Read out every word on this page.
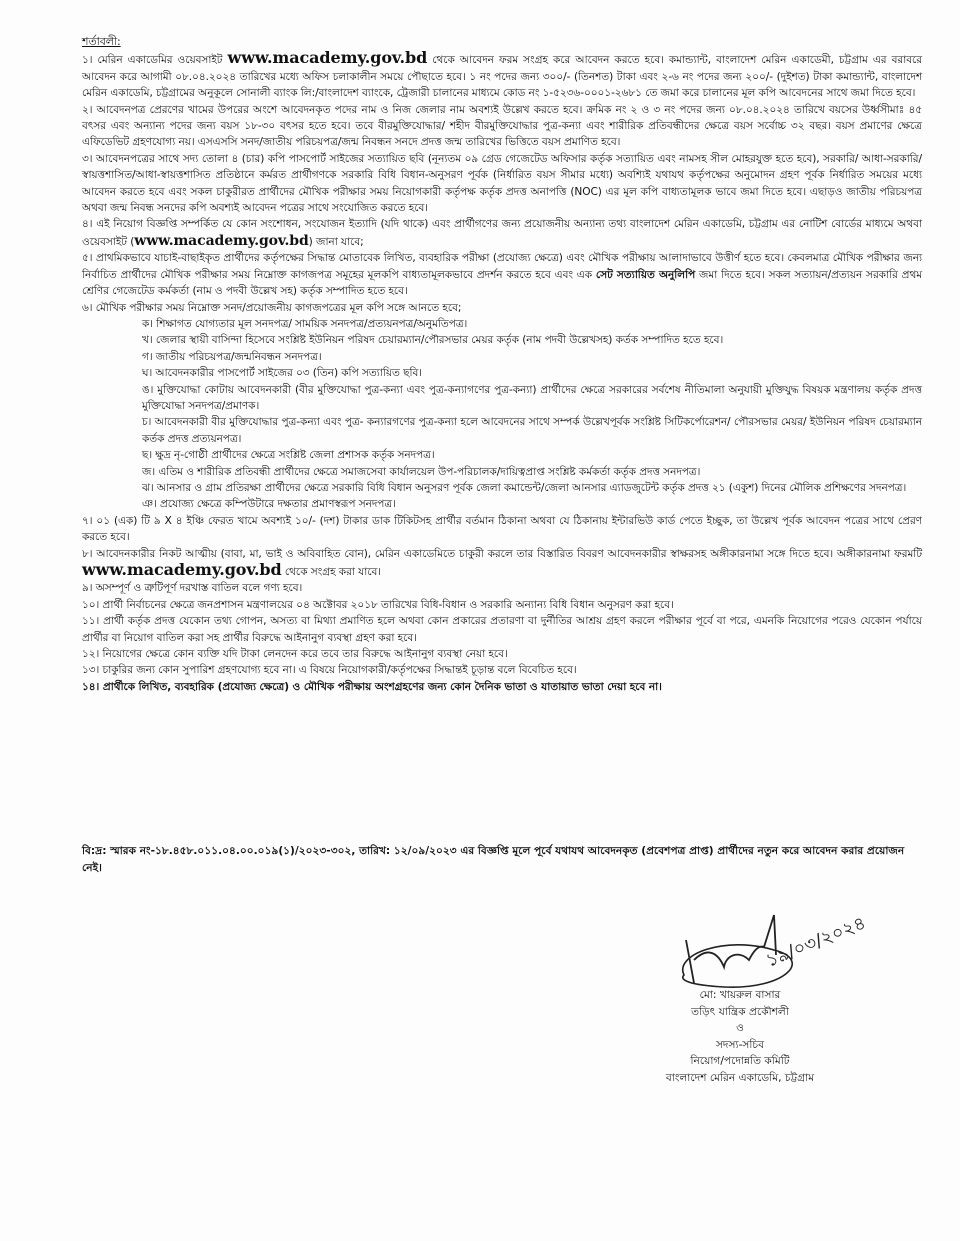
শর্তাবলী:

১। মেরিন একাডেমির ওয়েবসাইট www.macademy.gov.bd থেকে আবেদন ফরম সংগ্রহ করে আবেদন করতে হবে। কমান্ড্যান্ট, বাংলাদেশ মেরিন একাডেমী, চট্টগ্রাম এর বরাবরে আবেদন করে আগামী ০৮.০৪.২০২৪ তারিখের মধ্যে অফিস চলাকালীন সময়ে পৌছাতে হবে। ১ নং পদের জন্য ৩০০/- (তিনশত) টাকা এবং ২-৬ নং পদের জন্য ২০০/- (দুইশত) টাকা কমান্ড্যান্ট, বাংলাদেশ মেরিন একাডেমি, চট্টগ্রামের অনুকূলে সোনালী ব্যাংক লি:/বাংলাদেশ ব্যাংকে, ট্রেজারী চালানের মাধ্যমে কোড নং ১-৫২৩৬-০০০১-২৬৮১ তে জমা করে চালানের মূল কপি আবেদনের সাথে জমা দিতে হবে।

২। আবেদনপত্র প্রেরণের খামের উপরের অংশে আবেদনকৃত পদের নাম ও নিজ জেলার নাম অবশ্যই উল্লেখ করতে হবে। ক্রমিক নং ২ ও ৩ নং পদের জন্য ০৮.০৪.২০২৪ তারিখে বয়সের উর্ধ্বসীমাঃ ৪৫ বৎসর এবং অন্যান্য পদের জন্য বয়স ১৮-৩০ বৎসর হতে হবে। তবে বীরমুক্তিযোদ্ধার/ শহীদ বীরমুক্তিযোদ্ধার পুত্র-কন্যা এবং শারীরিক প্রতিবন্ধীদের ক্ষেত্রে বয়স সর্বোচ্চ ৩২ বছর। বয়স প্রমাণের ক্ষেত্রে এফিডেভিট গ্রহণযোগ্য নয়। এসএসসি সনদ/জাতীয় পরিচয়পত্র/জন্ম নিবন্ধন সনদে প্রদত্ত জন্ম তারিখের ভিত্তিতে বয়স প্রমাণিত হবে।

৩। আবেদনপত্রের সাথে সদ্য তোলা ৪ (চার) কপি পাসপোর্ট সাইজের সত্যায়িত ছবি (নূন্যতম ০৯ গ্রেড গেজেটেড অফিসার কর্তৃক সত্যায়িত এবং নামসহ সীল মোহরযুক্ত হতে হবে), সরকারি/ আধা-সরকারি/স্বায়ত্তশাসিত/আধা-স্বায়ত্তশাসিত প্রতিষ্ঠানে কর্মরত প্রার্থীগণকে সরকারি বিধি বিধান-অনুসরণ পূর্বক (নির্ধারিত বয়স সীমার মধ্যে) অবশ্যিই যথাযথ কর্তৃপক্ষের অনুমোদন গ্রহণ পূর্বক নির্ধারিত সময়ের মধ্যে আবেদন করতে হবে এবং সকল চাকুরীরত প্রার্থীদের মৌখিক পরীক্ষার সময় নিয়োগকারী কর্তৃপক্ষ কর্তৃক প্রদত্ত অনাপত্তি (NOC) এর মূল কপি বাধ্যতামূলক ভাবে জমা দিতে হবে। এছাড়ও জাতীয় পরিচয়পত্র অথবা জন্ম নিবন্ধ সনদের কপি অবশ্যই আবেদন পত্রের সাথে সংযোজিত করতে হবে।

৪। এই নিয়োগ বিজ্ঞপ্তি সম্পর্কিত যে কোন সংশোধন, সংযোজন ইত্যাদি (যদি থাকে) এবং প্রার্থীগণের জন্য প্রয়োজনীয় অন্যান্য তথ্য বাংলাদেশ মেরিন একাডেমি, চট্টগ্রাম এর নোটিশ বোর্ডের মাধ্যমে অথবা ওয়েবসাইট (www.macademy.gov.bd) জানা যাবে;

৫। প্রাথমিকভাবে যাচাই-বাছাইকৃত প্রার্থীদের কর্তৃপক্ষের সিদ্ধান্ত মোতাবেক লিখিত, ব্যবহারিক পরীক্ষা (প্রযোজ্য ক্ষেত্রে) এবং মৌখিক পরীক্ষায় আলাদাভাবে উত্তীর্ণ হতে হবে। কেবলমাত্র মৌখিক পরীক্ষার জন্য নির্বাচিত প্রার্থীদের মৌখিক পরীক্ষার সময় নিম্নোক্ত কাগজপত্র সমূহের মূলকপি বাধ্যতামূলকভাবে প্রদর্শন করতে হবে এবং এক সেট সত্যায়িত অনুলিপি জমা দিতে হবে। সকল সত্যায়ন/প্রত্যয়ন সরকারি প্রথম শ্রেণির গেজেটেড কর্মকর্তা (নাম ও পদবী উল্লেখ সহ) কর্তৃক সম্পাদিত হতে হবে।

৬। মৌখিক পরীক্ষার সময় নিম্নোক্ত সনদ/প্রয়োজনীয় কাগজপত্রের মূল কপি সঙ্গে আনতে হবে;

ক। শিক্ষাগত যোগ্যতার মূল সনদপত্র/ সাময়িক সনদপত্র/প্রত্যয়নপত্র/অনুমতিপত্র।

খ। জেলার স্থায়ী বাসিন্দা হিসেবে সংশ্লিষ্ট ইউনিয়ন পরিষদ চেয়ারম্যান/পৌরসভার মেয়র কর্তৃক (নাম পদবী উল্লেখসহ) কর্তক সম্পাদিত হতে হবে।

গ। জাতীয় পরিচয়পত্র/জন্মনিবন্ধন সনদপত্র।

ঘ। আবেদনকারীর পাসপোর্ট সাইজের ০৩ (তিন) কপি সত্যায়িত ছবি।

ঙ। মুক্তিযোদ্ধা কোটায় আবেদনকারী (বীর মুক্তিযোদ্ধা পুত্র-কন্যা এবং পুত্র-কন্যাগণের পুত্র-কন্যা) প্রার্থীদের ক্ষেত্রে সরকারের সর্বশেষ নীতিমালা অনুযায়ী মুক্তিযুদ্ধ বিষয়ক মন্ত্রণালয় কর্তৃক প্রদত্ত মুক্তিযোদ্ধা সনদপত্র/প্রমাণক।

চ। আবেদনকারী বীর মুক্তিযোদ্ধার পুত্র-কন্যা এবং পুত্র- কন্যারগণের পুত্র-কন্যা হলে আবেদনের সাথে সম্পর্ক উল্লেখপূর্বক সংশ্লিষ্ট সিটিকর্পোরেশন/ পৌরসভার মেয়র/ ইউনিয়ন পরিষদ চেয়ারম্যান কর্তক প্রদত্ত প্রত্যয়নপত্র।

ছ। ক্ষুদ্র নৃ-গোষ্ঠী প্রার্থীদের ক্ষেত্রে সংশ্লিষ্ট জেলা প্রশাসক কর্তৃক সনদপত্র।

জ। এতিম ও শারীরিক প্রতিবন্ধী প্রার্থীদের ক্ষেত্রে সমাজসেবা কার্যালয়েল উপ-পরিচালক/দায়িত্বপ্রাপ্ত সংশ্লিষ্ট কর্মকর্তা কর্তৃক প্রদত্ত সনদপত্র।

ঝ। আনসার ও গ্রাম প্রতিরক্ষা প্রার্থীদের ক্ষেত্রে সরকারি বিধি বিধান অনুসরণ পূর্বক জেলা কমান্ডেন্ট/জেলা আনসার এ্যাডজুটেন্ট কর্তৃক প্রদত্ত ২১ (একুশ) দিনের মৌলিক প্রশিক্ষণের সদনপত্র।

ঞ। প্রযোজ্য ক্ষেত্রে কম্পিউটারে দক্ষতার প্রমাণস্বরূপ সনদপত্র।

৭। ০১ (এক) টি ৯ X ৪ ইঞ্চি ফেরত খামে অবশ্যই ১০/- (দশ) টাকার ডাক টিকিটসহ প্রার্থীর বর্তমান ঠিকানা অথবা যে ঠিকানায় ইন্টারভিউ কার্ড পেতে ইচ্ছুক, তা উল্লেখ পূর্বক আবেদন পত্রের সাথে প্রেরণ করতে হবে।

৮। আবেদনকারীর নিকট আত্মীয় (বাবা, মা, ভাই ও অবিবাহিত বোন), মেরিন একাডেমিতে চাকুরী করলে তার বিস্তারিত বিবরণ আবেদনকারীর স্বাক্ষরসহ অঙ্গীকারনামা সঙ্গে দিতে হবে। অঙ্গীকারনামা ফরমটি www.macademy.gov.bd থেকে সংগ্রহ করা যাবে।

৯। অসম্পূর্ণ ও ত্রুটিপূর্ণ দরখাস্ত বাতিল বলে গণ্য হবে।

১০। প্রার্থী নির্বাচনের ক্ষেত্রে জনপ্রশাসন মন্ত্রণালয়ের ০৪ অক্টোবর ২০১৮ তারিখের বিধি-বিধান ও সরকারি অন্যান্য বিধি বিধান অনুসরণ করা হবে।

১১। প্রার্থী কর্তৃক প্রদত্ত যেকোন তথ্য গোপন, অসত্য বা মিথ্যা প্রমাণিত হলে অথবা কোন প্রকারের প্রতারণা বা দুর্নীতির আশ্রয় গ্রহণ করলে পরীক্ষার পূর্বে বা পরে, এমনকি নিয়োগের পরেও যেকোন পর্যায়ে প্রার্থীর বা নিয়োগ বাতিল করা সহ প্রার্থীর বিরুদ্ধে আইনানুগ ব্যবস্থা গ্রহণ করা হবে।

১২। নিয়োগের ক্ষেত্রে কোন ব্যক্তি যদি টাকা লেনদেন করে তবে তার বিরুদ্ধে আইনানুগ ব্যবস্থা নেয়া হবে।

১৩। চাকুরির জন্য কোন সুপারিশ গ্রহণযোগ্য হবে না। এ বিষয়ে নিয়োগকারী/কর্তৃপক্ষের সিদ্ধান্তই চূড়ান্ত বলে বিবেচিত হবে।

১৪। প্রার্থীকে লিখিত, ব্যবহারিক (প্রযোজ্য ক্ষেত্রে) ও মৌখিক পরীক্ষায় অংশগ্রহণের জন্য কোন দৈনিক ভাতা ও যাতায়াত ভাতা দেয়া হবে না।

বি:দ্র: স্মারক নং-১৮.৪৫৮.০১১.০৪.০০.০১৯(১)/২০২৩-৩০২, তারিখ: ১২/০৯/২০২৩ এর বিজ্ঞপ্তি মূলে পূর্বে যথাযথ আবেদনকৃত (প্রবেশপত্র প্রাপ্ত) প্রার্থীদের নতুন করে আবেদন করার প্রয়োজন নেই।
১৯/০৩/২০২৪
মো: খায়রুল বাসার
তড়িৎ যান্ত্রিক প্রকৌশলী
ও
সদস্য-সচিব
নিয়োগ/পদোন্নতি কমিটি
বাংলাদেশ মেরিন একাডেমি, চট্টগ্রাম
